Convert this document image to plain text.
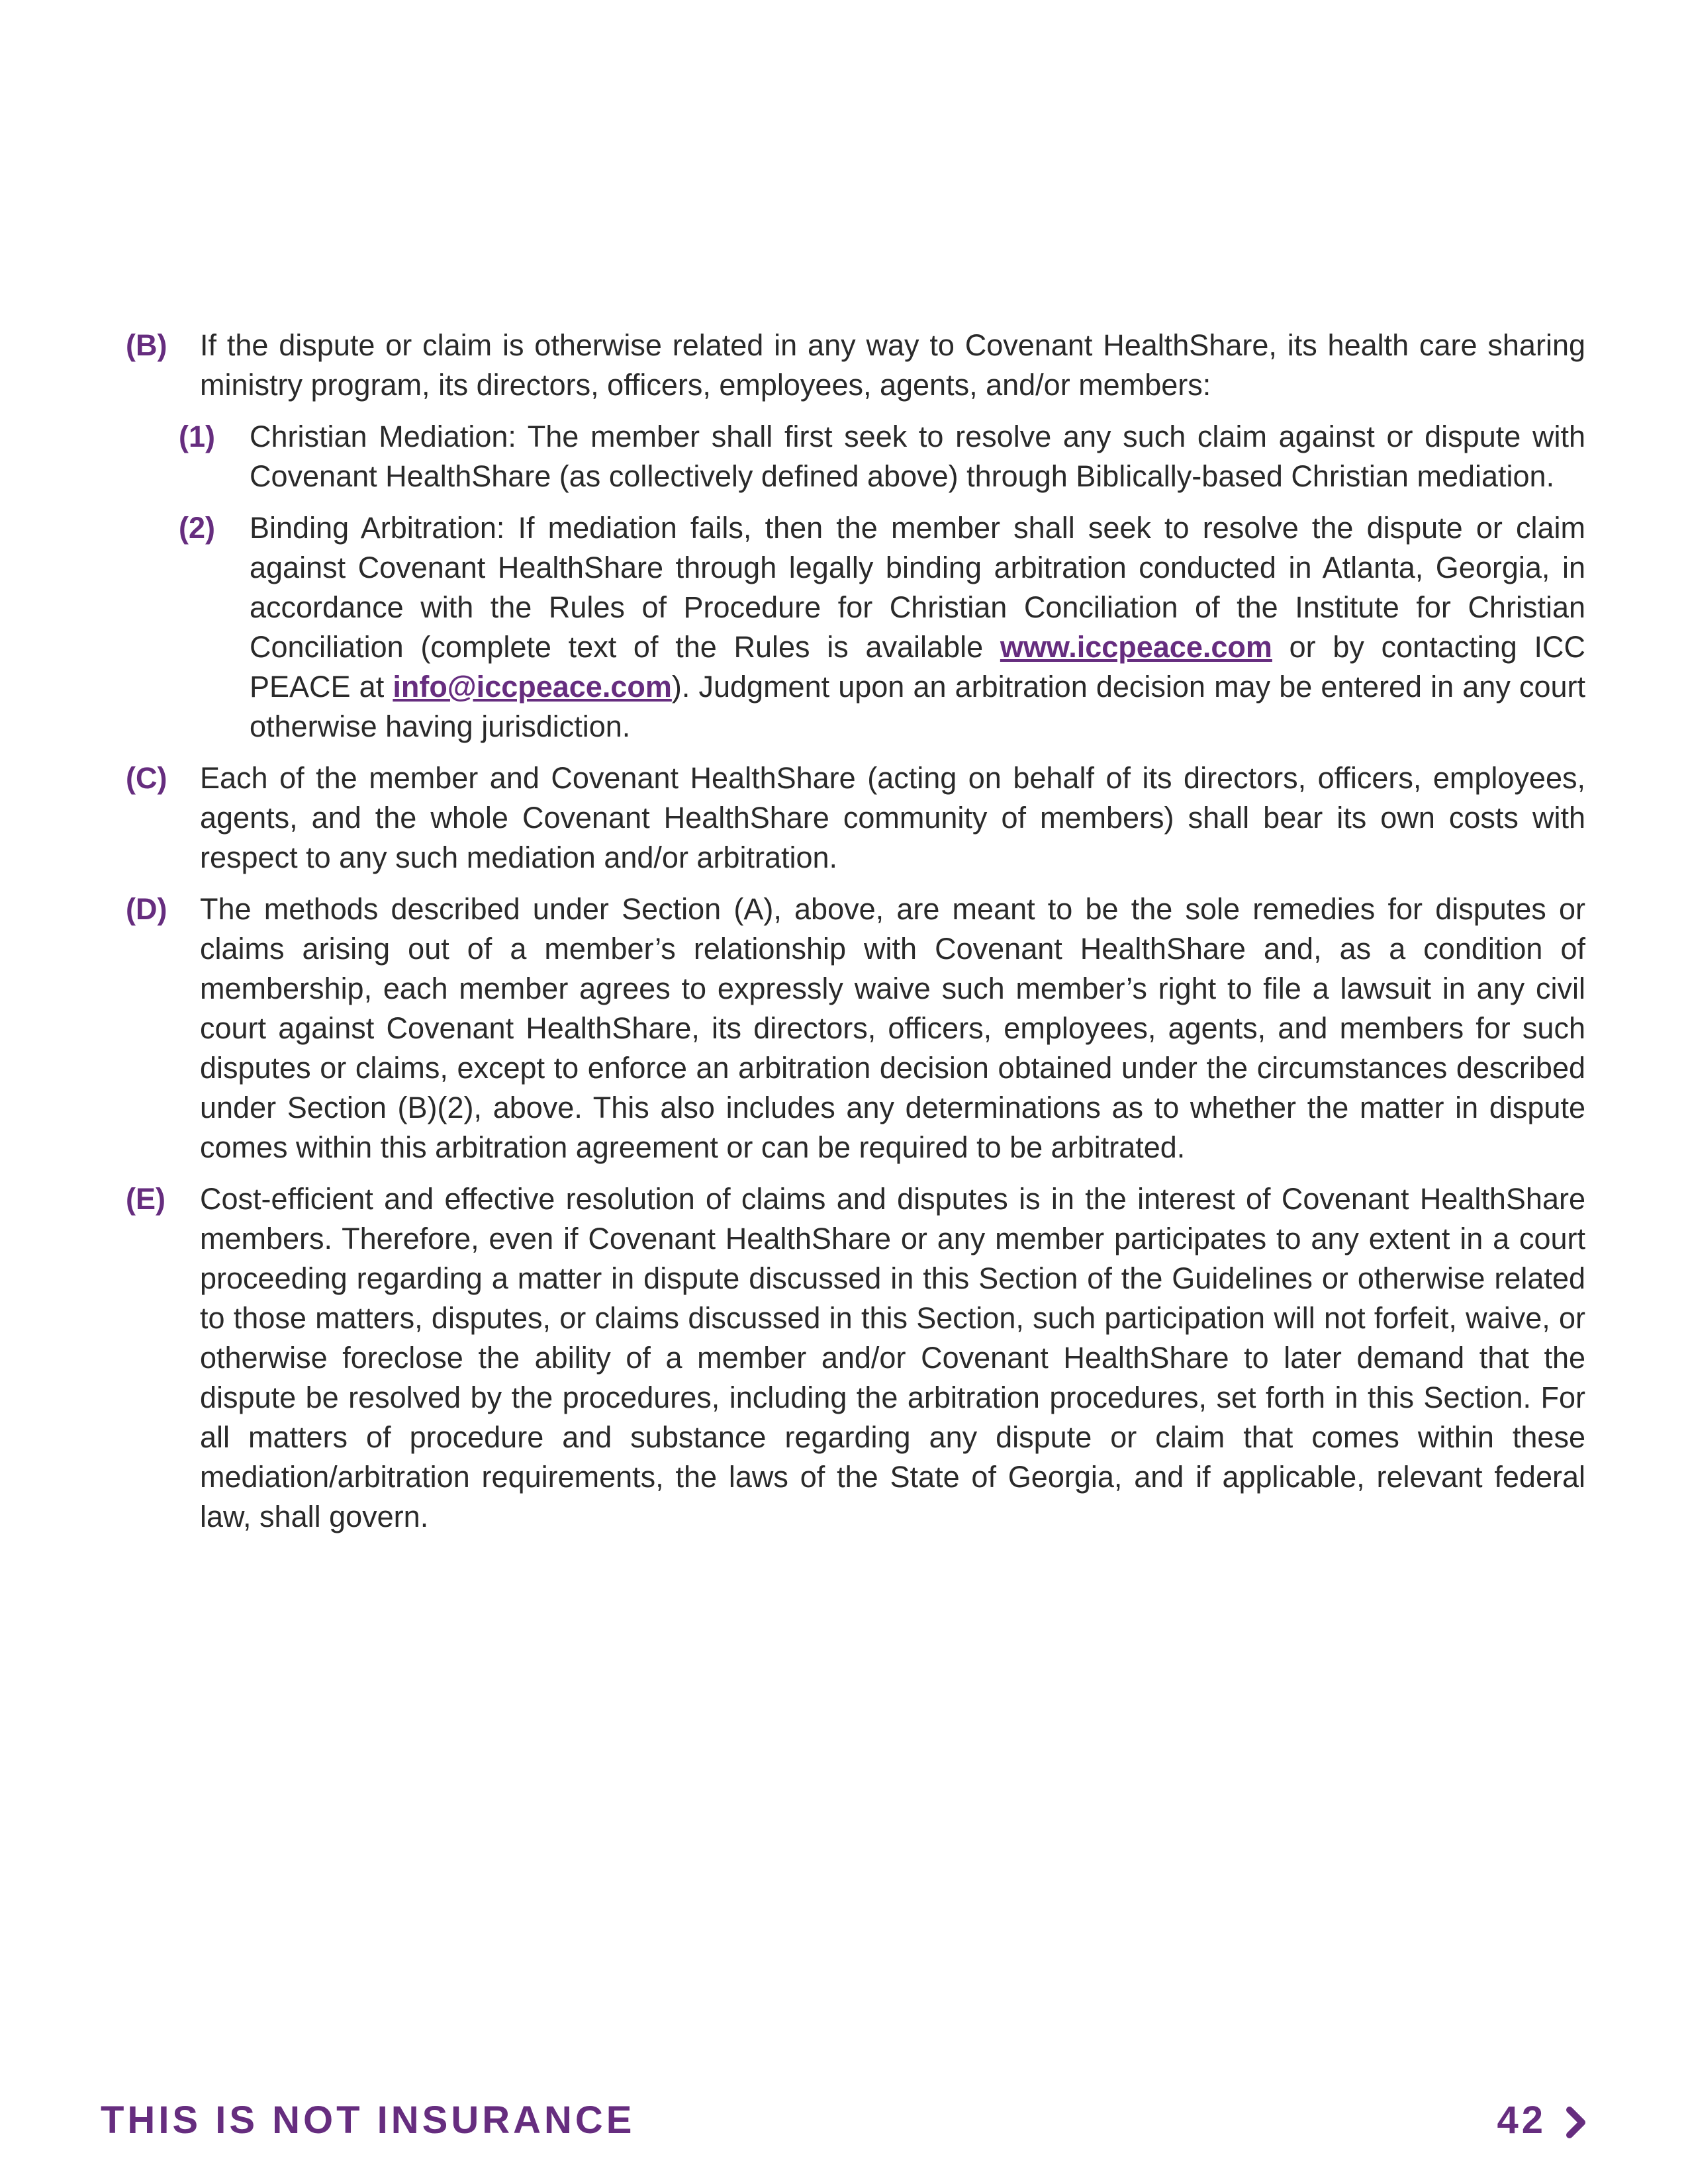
(B) If the dispute or claim is otherwise related in any way to Covenant HealthShare, its health care sharing ministry program, its directors, officers, employees, agents, and/or members:
(1) Christian Mediation: The member shall first seek to resolve any such claim against or dispute with Covenant HealthShare (as collectively defined above) through Biblically-based Christian mediation.
(2) Binding Arbitration: If mediation fails, then the member shall seek to resolve the dispute or claim against Covenant HealthShare through legally binding arbitration conducted in Atlanta, Georgia, in accordance with the Rules of Procedure for Christian Conciliation of the Institute for Christian Conciliation (complete text of the Rules is available www.iccpeace.com or by contacting ICC PEACE at info@iccpeace.com). Judgment upon an arbitration decision may be entered in any court otherwise having jurisdiction.
(C) Each of the member and Covenant HealthShare (acting on behalf of its directors, officers, employees, agents, and the whole Covenant HealthShare community of members) shall bear its own costs with respect to any such mediation and/or arbitration.
(D) The methods described under Section (A), above, are meant to be the sole remedies for disputes or claims arising out of a member’s relationship with Covenant HealthShare and, as a condition of membership, each member agrees to expressly waive such member’s right to file a lawsuit in any civil court against Covenant HealthShare, its directors, officers, employees, agents, and members for such disputes or claims, except to enforce an arbitration decision obtained under the circumstances described under Section (B)(2), above. This also includes any determinations as to whether the matter in dispute comes within this arbitration agreement or can be required to be arbitrated.
(E) Cost-efficient and effective resolution of claims and disputes is in the interest of Covenant HealthShare members. Therefore, even if Covenant HealthShare or any member participates to any extent in a court proceeding regarding a matter in dispute discussed in this Section of the Guidelines or otherwise related to those matters, disputes, or claims discussed in this Section, such participation will not forfeit, waive, or otherwise foreclose the ability of a member and/or Covenant HealthShare to later demand that the dispute be resolved by the procedures, including the arbitration procedures, set forth in this Section. For all matters of procedure and substance regarding any dispute or claim that comes within these mediation/arbitration requirements, the laws of the State of Georgia, and if applicable, relevant federal law, shall govern.
THIS IS NOT INSURANCE	42
